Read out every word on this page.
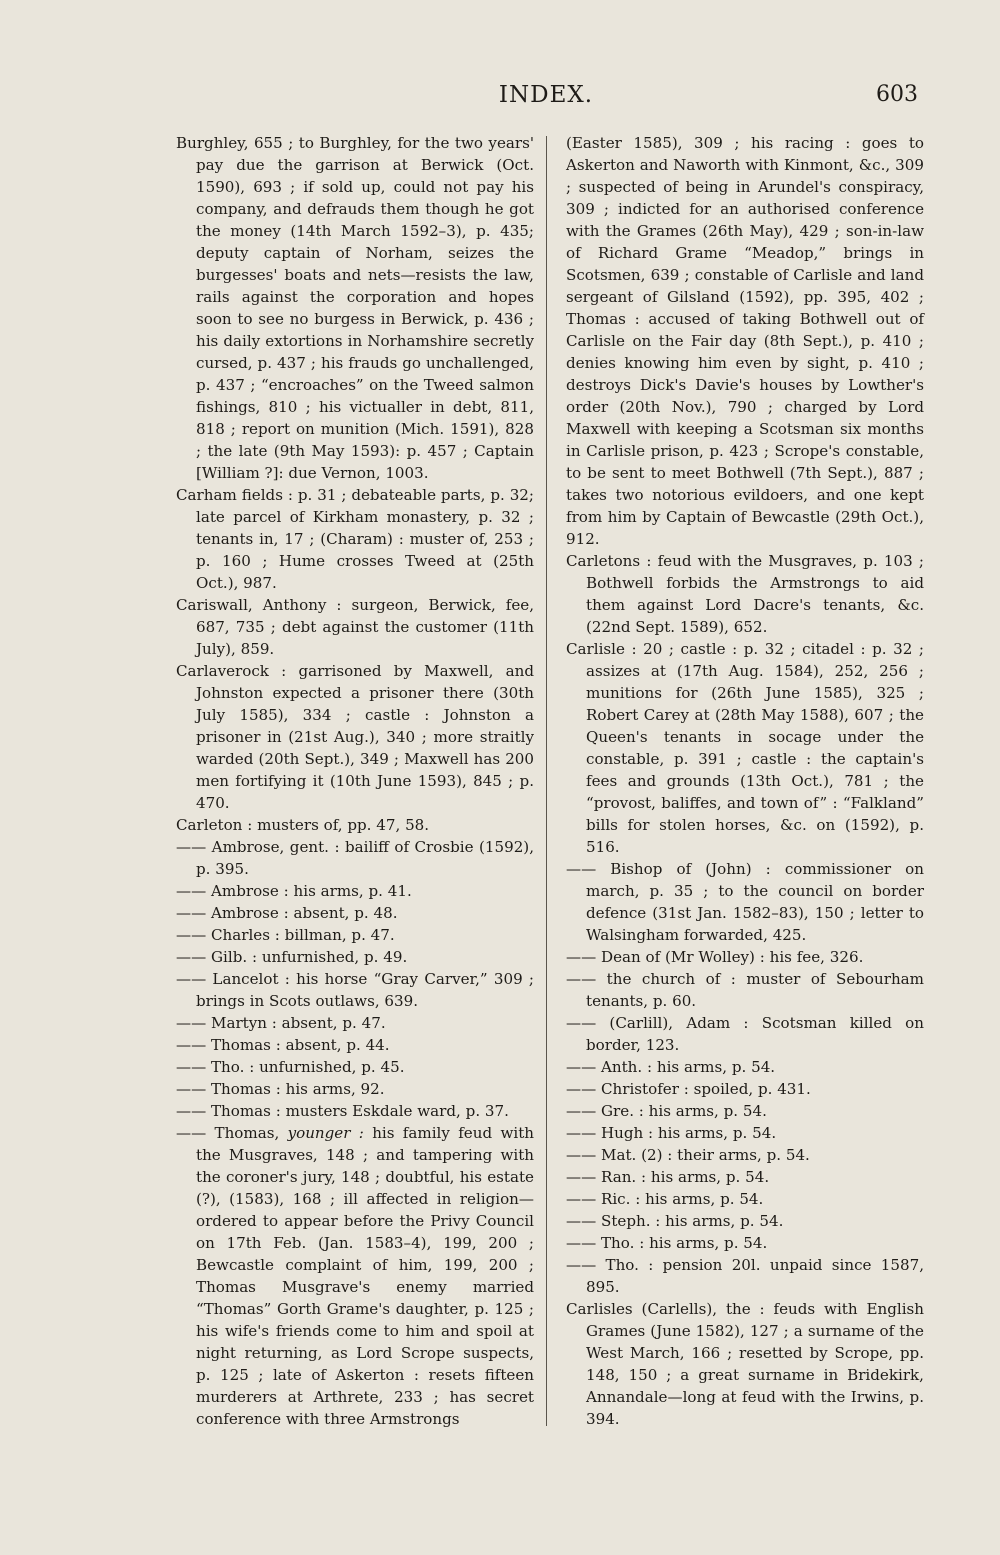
INDEX.	603

Burghley, 655 ; to Burghley, for the two years' pay due the garrison at Berwick (Oct. 1590), 693 ; if sold up, could not pay his company, and defrauds them though he got the money (14th March 1592–3), p. 435; deputy captain of Norham, seizes the burgesses' boats and nets—resists the law, rails against the corporation and hopes soon to see no burgess in Berwick, p. 436 ; his daily extortions in Norhamshire secretly cursed, p. 437 ; his frauds go unchallenged, p. 437 ; “encroaches” on the Tweed salmon fishings, 810 ; his victualler in debt, 811, 818 ; report on munition (Mich. 1591), 828 ; the late (9th May 1593): p. 457 ; Captain [William ?]: due Vernon, 1003.

Carham fields : p. 31 ; debateable parts, p. 32; late parcel of Kirkham monastery, p. 32 ; tenants in, 17 ; (Charam) : muster of, 253 ; p. 160 ; Hume crosses Tweed at (25th Oct.), 987.

Cariswall, Anthony : surgeon, Berwick, fee, 687, 735 ; debt against the customer (11th July), 859.

Carlaverock : garrisoned by Maxwell, and Johnston expected a prisoner there (30th July 1585), 334 ; castle : Johnston a prisoner in (21st Aug.), 340 ; more straitly warded (20th Sept.), 349 ; Maxwell has 200 men fortifying it (10th June 1593), 845 ; p. 470.

Carleton : musters of, pp. 47, 58.

—— Ambrose, gent. : bailiff of Crosbie (1592), p. 395.

—— Ambrose : his arms, p. 41.

—— Ambrose : absent, p. 48.

—— Charles : billman, p. 47.

—— Gilb. : unfurnished, p. 49.

—— Lancelot : his horse “Gray Carver,” 309 ; brings in Scots outlaws, 639.

—— Martyn : absent, p. 47.

—— Thomas : absent, p. 44.

—— Tho. : unfurnished, p. 45.

—— Thomas : his arms, 92.

—— Thomas : musters Eskdale ward, p. 37.

—— Thomas, younger : his family feud with the Musgraves, 148 ; and tampering with the coroner's jury, 148 ; doubtful, his estate (?), (1583), 168 ; ill affected in religion—ordered to appear before the Privy Council on 17th Feb. (Jan. 1583–4), 199, 200 ; Bewcastle complaint of him, 199, 200 ; Thomas Musgrave's enemy married “Thomas” Gorth Grame's daughter, p. 125 ; his wife's friends come to him and spoil at night returning, as Lord Scrope suspects, p. 125 ; late of Askerton : resets fifteen murderers at Arthrete, 233 ; has secret conference with three Armstrongs

(Easter 1585), 309 ; his racing : goes to Askerton and Naworth with Kinmont, &c., 309 ; suspected of being in Arundel's conspiracy, 309 ; indicted for an authorised conference with the Grames (26th May), 429 ; son-in-law of Richard Grame “Meadop,” brings in Scotsmen, 639 ; constable of Carlisle and land sergeant of Gilsland (1592), pp. 395, 402 ; Thomas : accused of taking Bothwell out of Carlisle on the Fair day (8th Sept.), p. 410 ; denies knowing him even by sight, p. 410 ; destroys Dick's Davie's houses by Lowther's order (20th Nov.), 790 ; charged by Lord Maxwell with keeping a Scotsman six months in Carlisle prison, p. 423 ; Scrope's constable, to be sent to meet Bothwell (7th Sept.), 887 ; takes two notorious evildoers, and one kept from him by Captain of Bewcastle (29th Oct.), 912.

Carletons : feud with the Musgraves, p. 103 ; Bothwell forbids the Armstrongs to aid them against Lord Dacre's tenants, &c. (22nd Sept. 1589), 652.

Carlisle : 20 ; castle : p. 32 ; citadel : p. 32 ; assizes at (17th Aug. 1584), 252, 256 ; munitions for (26th June 1585), 325 ; Robert Carey at (28th May 1588), 607 ; the Queen's tenants in socage under the constable, p. 391 ; castle : the captain's fees and grounds (13th Oct.), 781 ; the “provost, baliffes, and town of” : “Falkland” bills for stolen horses, &c. on (1592), p. 516.

—— Bishop of (John) : commissioner on march, p. 35 ; to the council on border defence (31st Jan. 1582–83), 150 ; letter to Walsingham forwarded, 425.

—— Dean of (Mr Wolley) : his fee, 326.

—— the church of : muster of Sebourham tenants, p. 60.

—— (Carlill), Adam : Scotsman killed on border, 123.

—— Anth. : his arms, p. 54.

—— Christofer : spoiled, p. 431.

—— Gre. : his arms, p. 54.

—— Hugh : his arms, p. 54.

—— Mat. (2) : their arms, p. 54.

—— Ran. : his arms, p. 54.

—— Ric. : his arms, p. 54.

—— Steph. : his arms, p. 54.

—— Tho. : his arms, p. 54.

—— Tho. : pension 20l. unpaid since 1587, 895.

Carlisles (Carlells), the : feuds with English Grames (June 1582), 127 ; a surname of the West March, 166 ; resetted by Scrope, pp. 148, 150 ; a great surname in Bridekirk, Annandale—long at feud with the Irwins, p. 394.
